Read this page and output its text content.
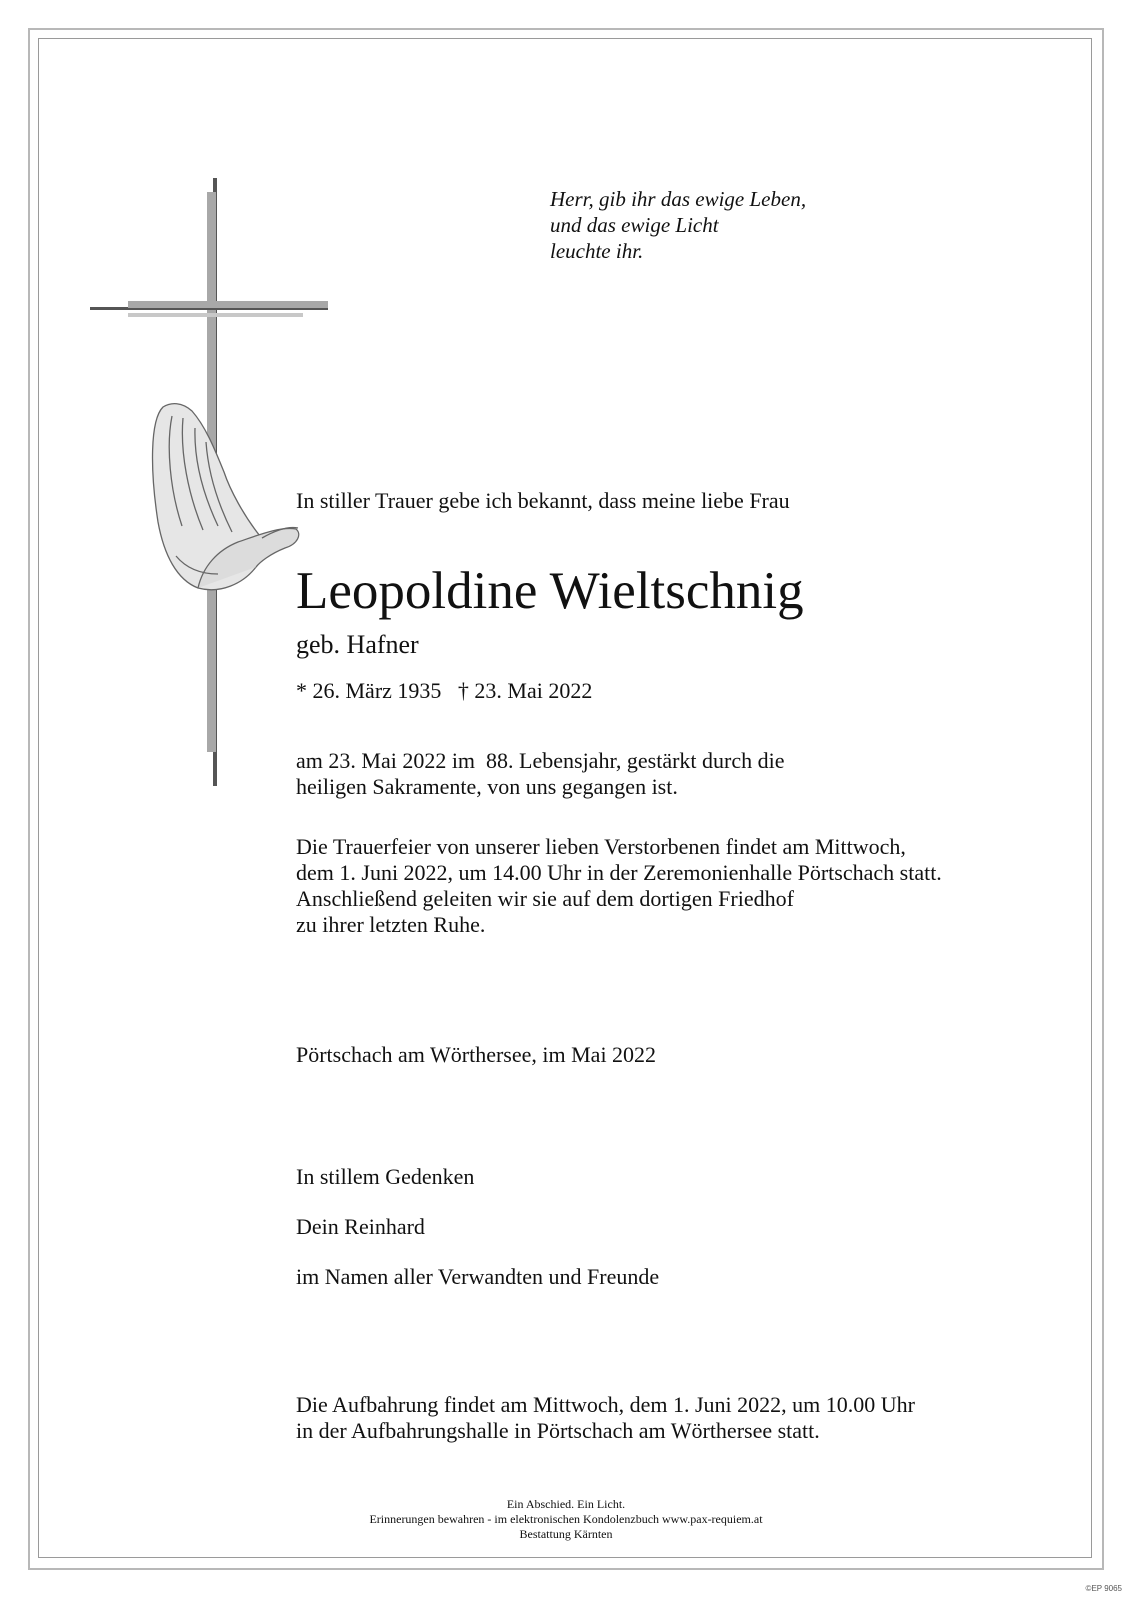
Herr, gib ihr das ewige Leben,
und das ewige Licht
leuchte ihr.

In stiller Trauer gebe ich bekannt, dass meine liebe Frau

Leopoldine Wieltschnig

geb. Hafner

* 26. März 1935   † 23. Mai 2022

am 23. Mai 2022 im  88. Lebensjahr, gestärkt durch die
heiligen Sakramente, von uns gegangen ist.
Die Trauerfeier von unserer lieben Verstorbenen findet am Mittwoch,
dem 1. Juni 2022, um 14.00 Uhr in der Zeremonienhalle Pörtschach statt.
Anschließend geleiten wir sie auf dem dortigen Friedhof
zu ihrer letzten Ruhe.

Pörtschach am Wörthersee, im Mai 2022

In stillem Gedenken

Dein Reinhard

im Namen aller Verwandten und Freunde

Die Aufbahrung findet am Mittwoch, dem 1. Juni 2022, um 10.00 Uhr
in der Aufbahrungshalle in Pörtschach am Wörthersee statt.
Ein Abschied. Ein Licht.
Erinnerungen bewahren - im elektronischen Kondolenzbuch www.pax-requiem.at
Bestattung Kärnten
©EP 9065
